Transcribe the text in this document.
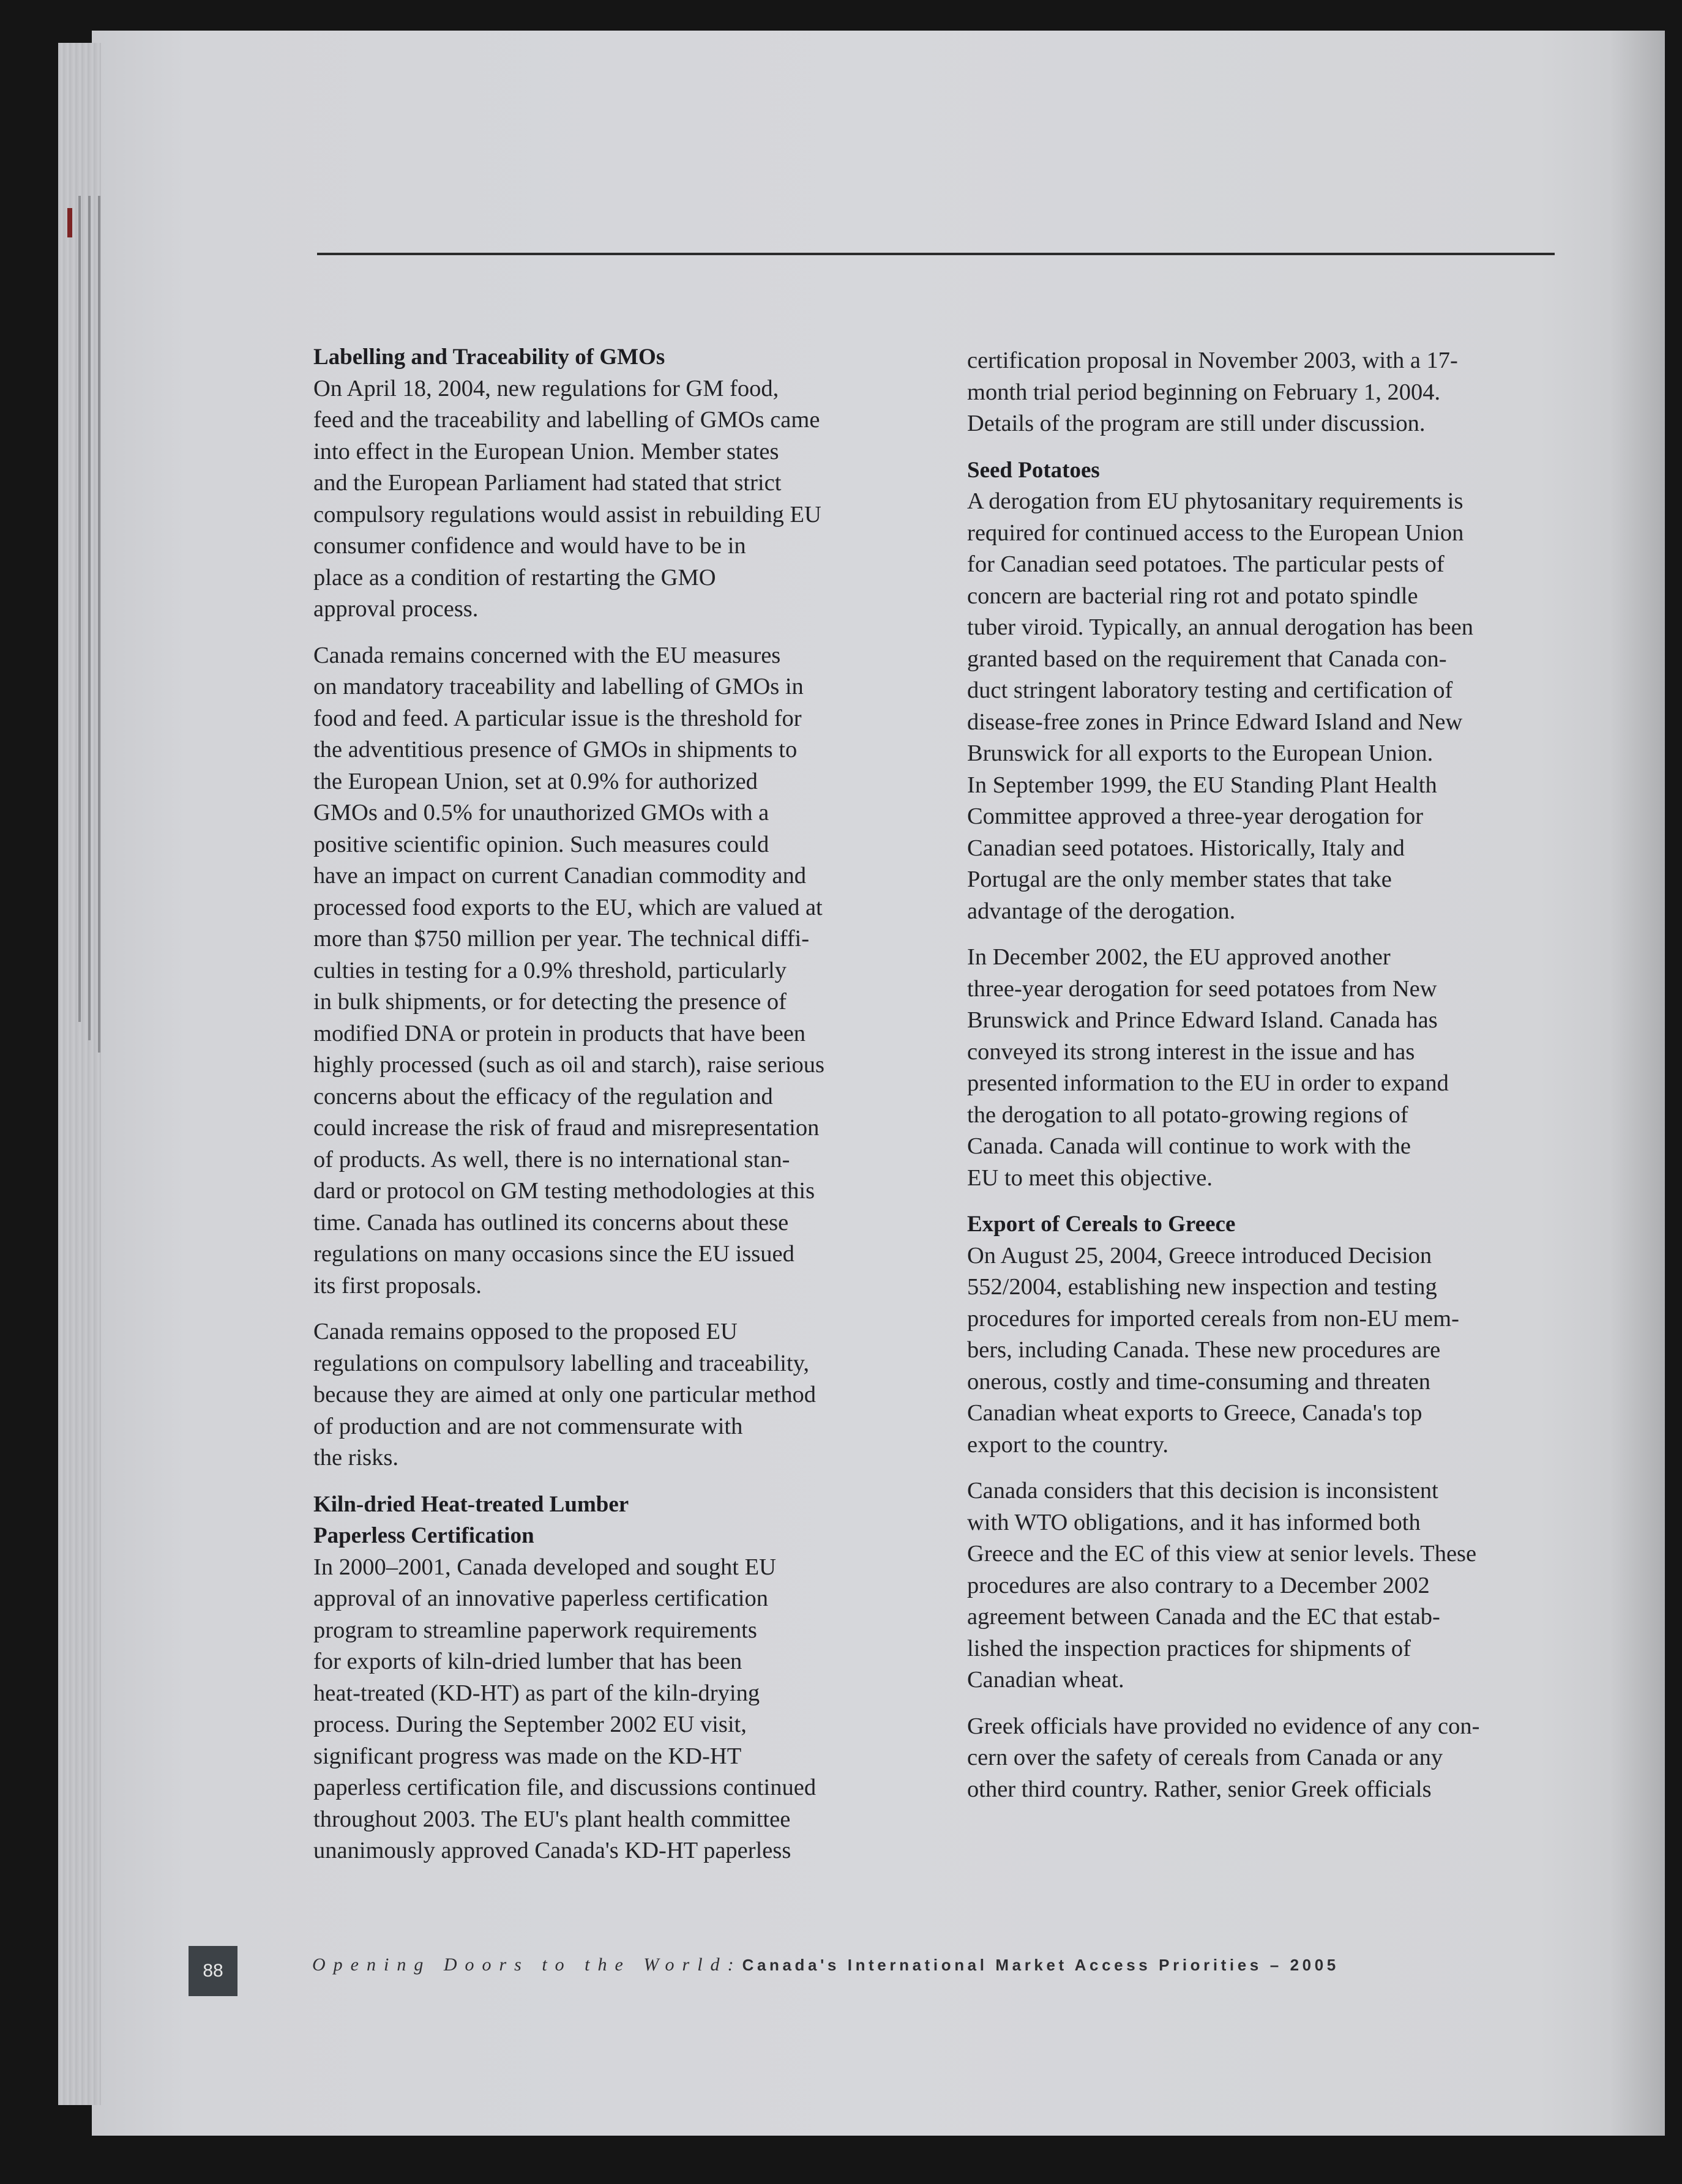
Labelling and Traceability of GMOs

On April 18, 2004, new regulations for GM food,
feed and the traceability and labelling of GMOs came
into effect in the European Union. Member states
and the European Parliament had stated that strict
compulsory regulations would assist in rebuilding EU
consumer confidence and would have to be in
place as a condition of restarting the GMO
approval process.

Canada remains concerned with the EU measures
on mandatory traceability and labelling of GMOs in
food and feed. A particular issue is the threshold for
the adventitious presence of GMOs in shipments to
the European Union, set at 0.9% for authorized
GMOs and 0.5% for unauthorized GMOs with a
positive scientific opinion. Such measures could
have an impact on current Canadian commodity and
processed food exports to the EU, which are valued at
more than $750 million per year. The technical diffi-
culties in testing for a 0.9% threshold, particularly
in bulk shipments, or for detecting the presence of
modified DNA or protein in products that have been
highly processed (such as oil and starch), raise serious
concerns about the efficacy of the regulation and
could increase the risk of fraud and misrepresentation
of products. As well, there is no international stan-
dard or protocol on GM testing methodologies at this
time. Canada has outlined its concerns about these
regulations on many occasions since the EU issued
its first proposals.

Canada remains opposed to the proposed EU
regulations on compulsory labelling and traceability,
because they are aimed at only one particular method
of production and are not commensurate with
the risks.

Kiln-dried Heat-treated Lumber
Paperless Certification

In 2000–2001, Canada developed and sought EU
approval of an innovative paperless certification
program to streamline paperwork requirements
for exports of kiln-dried lumber that has been
heat-treated (KD-HT) as part of the kiln-drying
process. During the September 2002 EU visit,
significant progress was made on the KD-HT
paperless certification file, and discussions continued
throughout 2003. The EU's plant health committee
unanimously approved Canada's KD-HT paperless

certification proposal in November 2003, with a 17-
month trial period beginning on February 1, 2004.
Details of the program are still under discussion.

Seed Potatoes

A derogation from EU phytosanitary requirements is
required for continued access to the European Union
for Canadian seed potatoes. The particular pests of
concern are bacterial ring rot and potato spindle
tuber viroid. Typically, an annual derogation has been
granted based on the requirement that Canada con-
duct stringent laboratory testing and certification of
disease-free zones in Prince Edward Island and New
Brunswick for all exports to the European Union.
In September 1999, the EU Standing Plant Health
Committee approved a three-year derogation for
Canadian seed potatoes. Historically, Italy and
Portugal are the only member states that take
advantage of the derogation.

In December 2002, the EU approved another
three-year derogation for seed potatoes from New
Brunswick and Prince Edward Island. Canada has
conveyed its strong interest in the issue and has
presented information to the EU in order to expand
the derogation to all potato-growing regions of
Canada. Canada will continue to work with the
EU to meet this objective.

Export of Cereals to Greece

On August 25, 2004, Greece introduced Decision
552/2004, establishing new inspection and testing
procedures for imported cereals from non-EU mem-
bers, including Canada. These new procedures are
onerous, costly and time-consuming and threaten
Canadian wheat exports to Greece, Canada's top
export to the country.

Canada considers that this decision is inconsistent
with WTO obligations, and it has informed both
Greece and the EC of this view at senior levels. These
procedures are also contrary to a December 2002
agreement between Canada and the EC that estab-
lished the inspection practices for shipments of
Canadian wheat.

Greek officials have provided no evidence of any con-
cern over the safety of cereals from Canada or any
other third country. Rather, senior Greek officials

88	Opening Doors to the World : Canada's International Market Access Priorities – 2005
